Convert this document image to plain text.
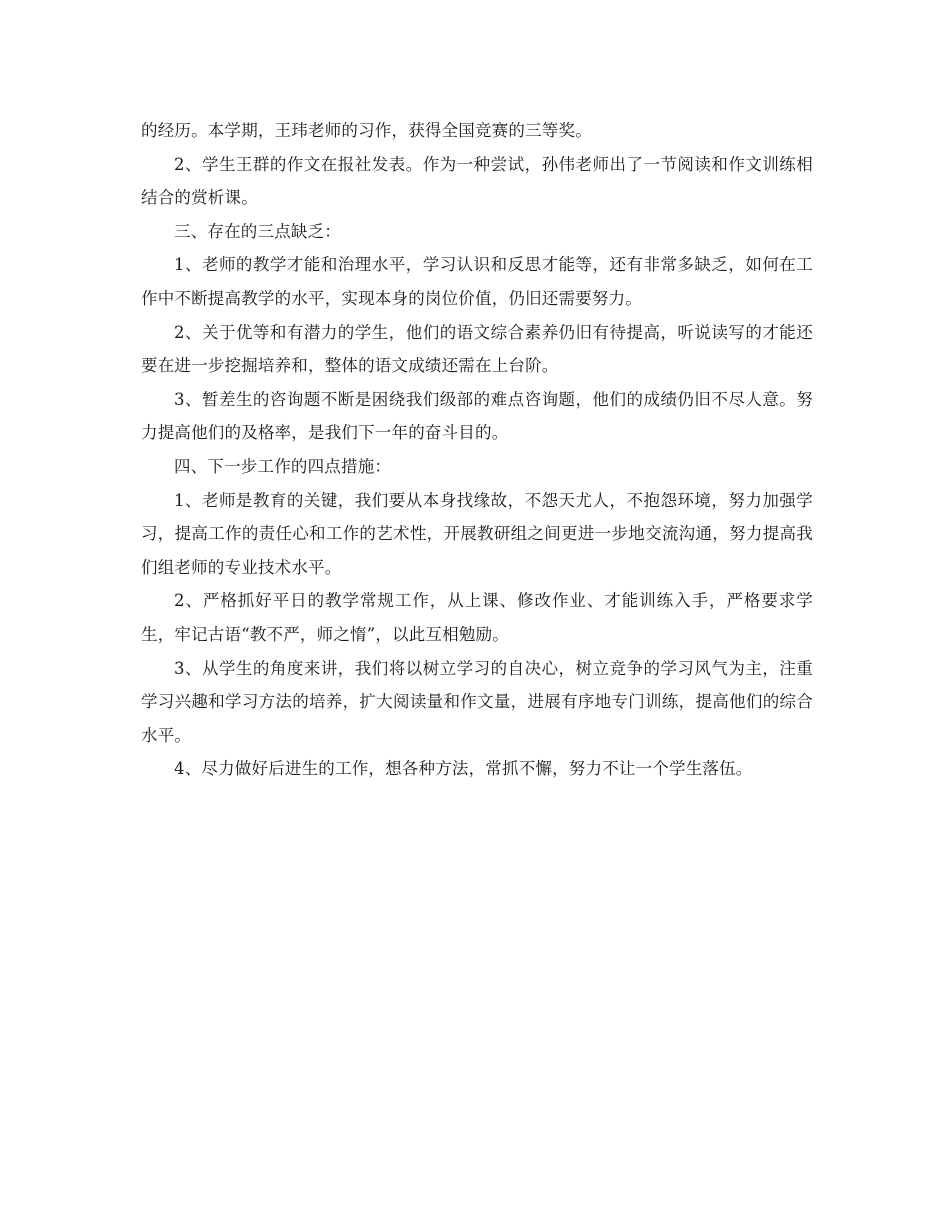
的经历。本学期，王玮老师的习作，获得全国竞赛的三等奖。

2、学生王群的作文在报社发表。作为一种尝试，孙伟老师出了一节阅读和作文训练相结合的赏析课。

三、存在的三点缺乏：

1、老师的教学才能和治理水平，学习认识和反思才能等，还有非常多缺乏，如何在工作中不断提高教学的水平，实现本身的岗位价值，仍旧还需要努力。

2、关于优等和有潜力的学生，他们的语文综合素养仍旧有待提高，听说读写的才能还要在进一步挖掘培养和，整体的语文成绩还需在上台阶。

3、暂差生的咨询题不断是困绕我们级部的难点咨询题，他们的成绩仍旧不尽人意。努力提高他们的及格率，是我们下一年的奋斗目的。

四、下一步工作的四点措施：

1、老师是教育的关键，我们要从本身找缘故，不怨天尤人，不抱怨环境，努力加强学习，提高工作的责任心和工作的艺术性，开展教研组之间更进一步地交流沟通，努力提高我们组老师的专业技术水平。

2、严格抓好平日的教学常规工作，从上课、修改作业、才能训练入手，严格要求学生，牢记古语“教不严，师之惰”，以此互相勉励。

3、从学生的角度来讲，我们将以树立学习的自决心，树立竞争的学习风气为主，注重学习兴趣和学习方法的培养，扩大阅读量和作文量，进展有序地专门训练，提高他们的综合水平。

4、尽力做好后进生的工作，想各种方法，常抓不懈，努力不让一个学生落伍。
